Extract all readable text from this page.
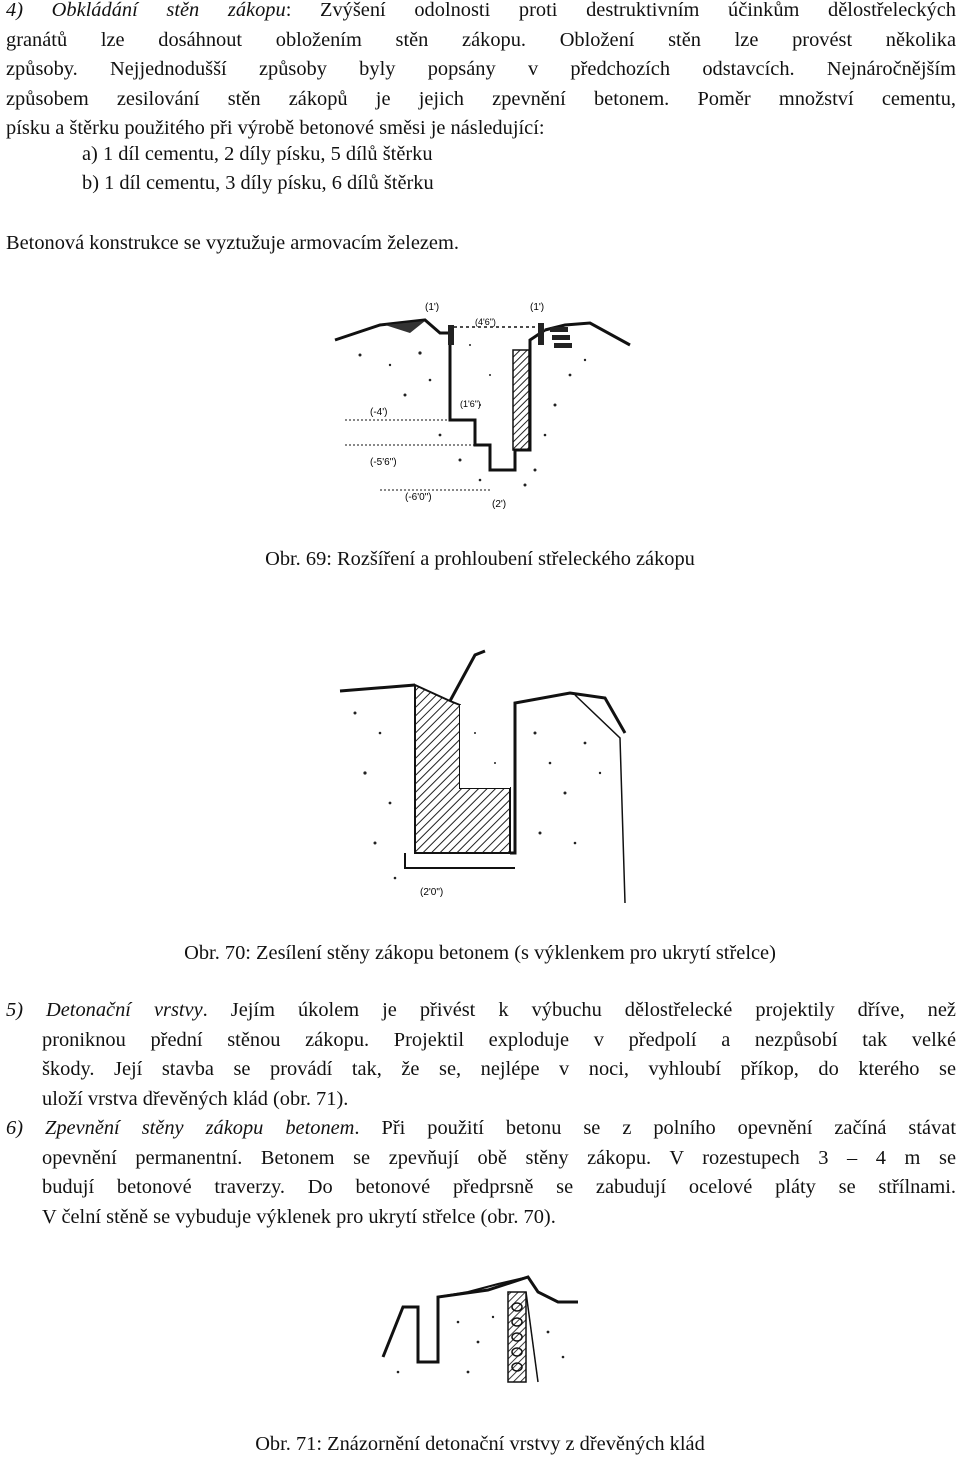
4) Obkládání stěn zákopu: Zvýšení odolnosti proti destruktivním účinkům dělostřeleckých
granátů lze dosáhnout obložením stěn zákopu. Obložení stěn lze provést několika
způsoby. Nejjednodušší způsoby byly popsány v předchozích odstavcích. Nejnáročnějším
způsobem zesilování stěn zákopů je jejich zpevnění betonem. Poměr množství cementu,
písku a štěrku použitého při výrobě betonové směsi je následující:
a) 1 díl cementu, 2 díly písku, 5 dílů štěrku
b) 1 díl cementu, 3 díly písku, 6 dílů štěrku
Betonová konstrukce se vyztužuje armovacím železem.
(1')	(1')
(4'6")
(1'6")
(-4')
(-5'6")
(-6'0")
(2')
Obr. 69: Rozšíření a prohloubení střeleckého zákopu
(2'0")
Obr. 70: Zesílení stěny zákopu betonem (s výklenkem pro ukrytí střelce)
5) Detonační vrstvy. Jejím úkolem je přivést k výbuchu dělostřelecké projektily dříve, než
proniknou přední stěnou zákopu. Projektil exploduje v předpolí a nezpůsobí tak velké
škody. Její stavba se provádí tak, že se, nejlépe v noci, vyhloubí příkop, do kterého se
uloží vrstva dřevěných klád (obr. 71).
6) Zpevnění stěny zákopu betonem. Při použití betonu se z polního opevnění začíná stávat
opevnění permanentní. Betonem se zpevňují obě stěny zákopu. V rozestupech 3 – 4 m se
budují betonové traverzy. Do betonové předprsně se zabudují ocelové pláty se střílnami.
V čelní stěně se vybuduje výklenek pro ukrytí střelce (obr. 70).
Obr. 71: Znázornění detonační vrstvy z dřevěných klád
